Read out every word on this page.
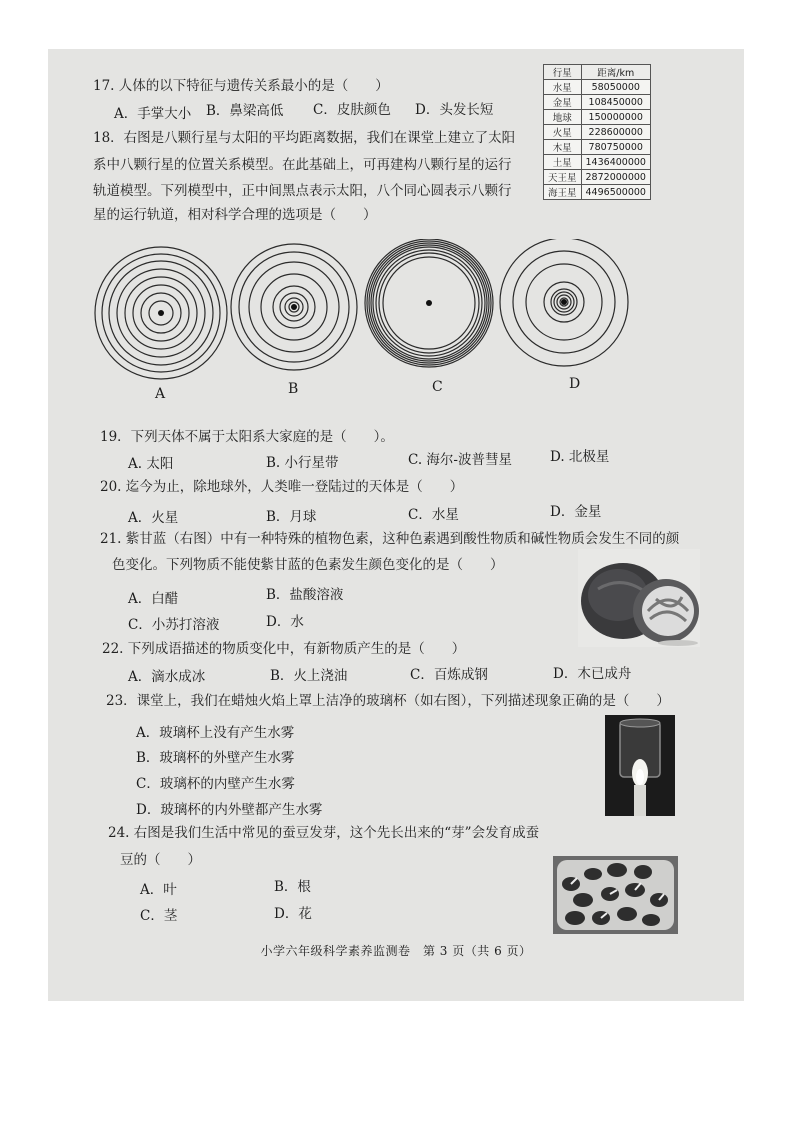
17. 人体的以下特征与遗传关系最小的是（　　）
A．手掌大小 B．鼻梁高低 C．皮肤颜色 D．头发长短
行星	距离/km
水星	58050000
金星	108450000
地球	150000000
火星	228600000
木星	780750000
土星	1436400000
天王星	2872000000
海王星	4496500000
18．右图是八颗行星与太阳的平均距离数据，我们在课堂上建立了太阳
系中八颗行星的位置关系模型。在此基础上，可再建构八颗行星的运行
轨道模型。下列模型中，正中间黑点表示太阳，八个同心圆表示八颗行
星的运行轨道，相对科学合理的选项是（　　）
A	B	C	D
19．下列天体不属于太阳系大家庭的是（　　）。
A. 太阳	B. 小行星带	C. 海尔-波普彗星	D. 北极星
20. 迄今为止，除地球外，人类唯一登陆过的天体是（　　）
A．火星	B．月球	C．水星	D．金星
21. 紫甘蓝（右图）中有一种特殊的植物色素，这种色素遇到酸性物质和碱性物质会发生不同的颜
色变化。下列物质不能使紫甘蓝的色素发生颜色变化的是（　　）
A．白醋	B．盐酸溶液
C．小苏打溶液	D．水
22. 下列成语描述的物质变化中，有新物质产生的是（　　）
A．滴水成冰	B．火上浇油	C．百炼成钢	D．木已成舟
23．课堂上，我们在蜡烛火焰上罩上洁净的玻璃杯（如右图），下列描述现象正确的是（　　）
A．玻璃杯上没有产生水雾
B．玻璃杯的外壁产生水雾
C．玻璃杯的内壁产生水雾
D．玻璃杯的内外壁都产生水雾
24. 右图是我们生活中常见的蚕豆发芽，这个先长出来的“芽”会发育成蚕
豆的（　　）
A．叶	B．根
C．茎	D．花
小学六年级科学素养监测卷　第 3 页（共 6 页）
